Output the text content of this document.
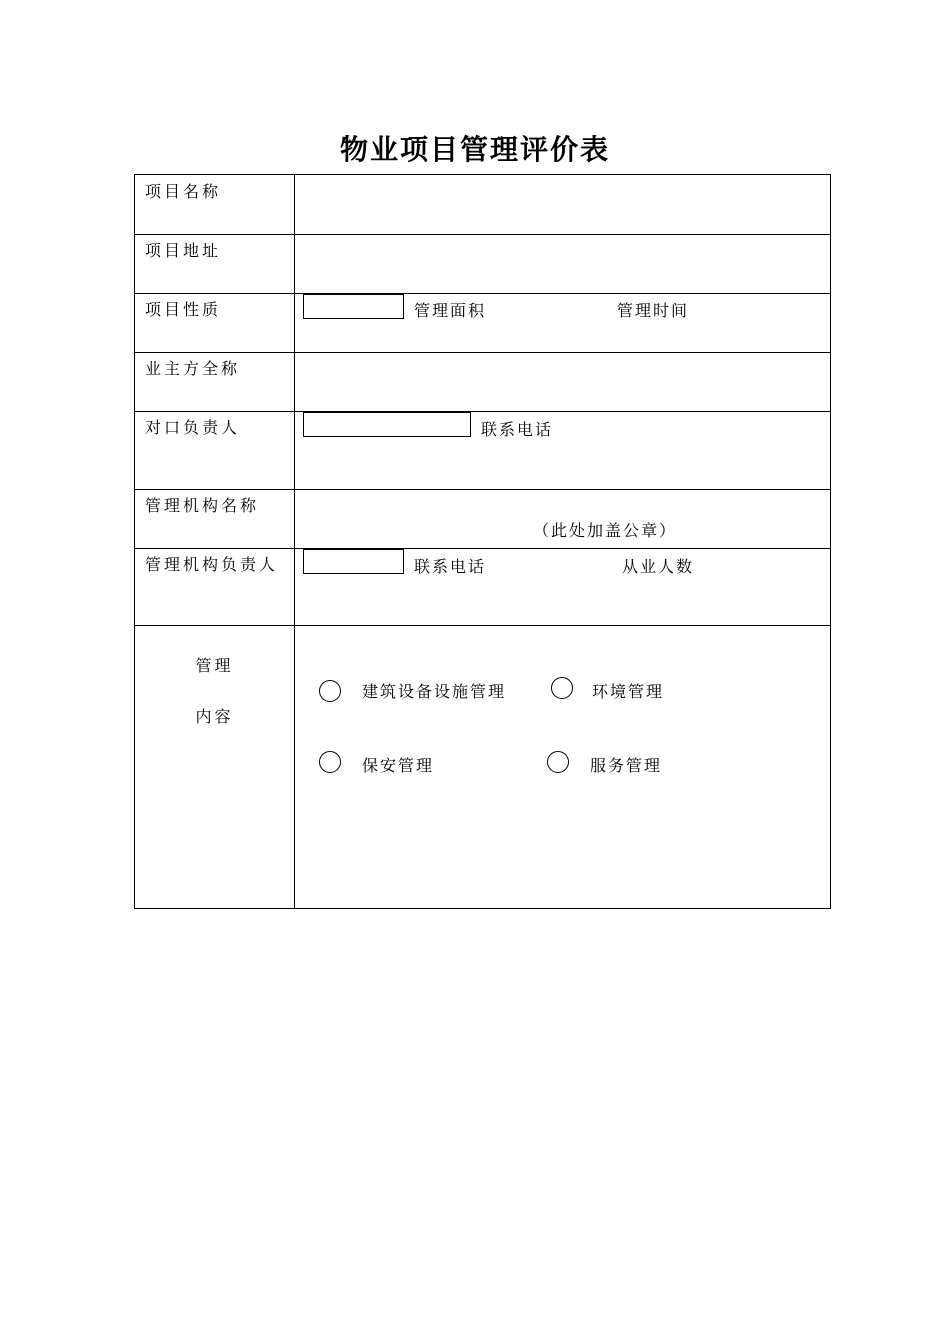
物业项目管理评价表
项目名称
项目地址
项目性质	管理面积	管理时间
业主方全称
对口负责人	联系电话
管理机构名称
（此处加盖公章）
管理机构负责人	联系电话	从业人数
管理
内容
建筑设备设施管理	环境管理
保安管理	服务管理
